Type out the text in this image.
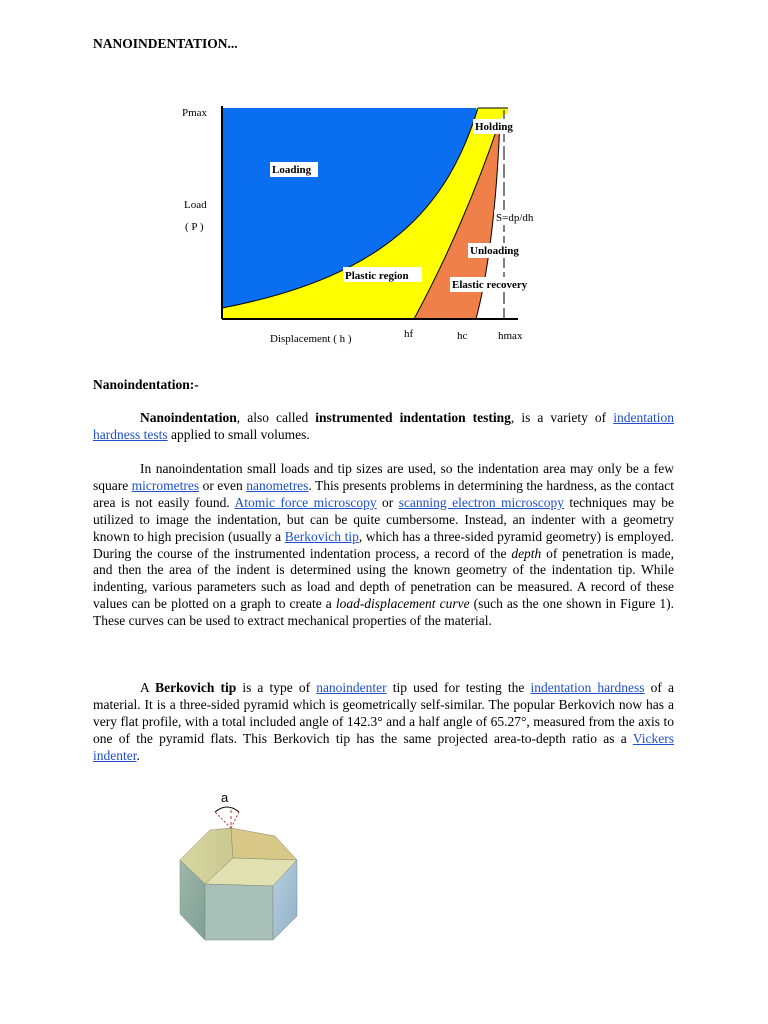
NANOINDENTATION...
Pmax
Load
( P )
Displacement ( h )	hf	hc	hmax
Loading
Holding
Plastic region
Unloading
Elastic recovery
S=dp/dh
Nanoindentation:-

Nanoindentation, also called instrumented indentation testing, is a variety of indentation hardness tests applied to small volumes.

In nanoindentation small loads and tip sizes are used, so the indentation area may only be a few square micrometres or even nanometres. This presents problems in determining the hardness, as the contact area is not easily found. Atomic force microscopy or scanning electron microscopy techniques may be utilized to image the indentation, but can be quite cumbersome. Instead, an indenter with a geometry known to high precision (usually a Berkovich tip, which has a three-sided pyramid geometry) is employed. During the course of the instrumented indentation process, a record of the depth of penetration is made, and then the area of the indent is determined using the known geometry of the indentation tip. While indenting, various parameters such as load and depth of penetration can be measured. A record of these values can be plotted on a graph to create a load-displacement curve (such as the one shown in Figure 1). These curves can be used to extract mechanical properties of the material.

A Berkovich tip is a type of nanoindenter tip used for testing the indentation hardness of a material. It is a three-sided pyramid which is geometrically self-similar. The popular Berkovich now has a very flat profile, with a total included angle of 142.3° and a half angle of 65.27°, measured from the axis to one of the pyramid flats. This Berkovich tip has the same projected area-to-depth ratio as a Vickers indenter.

a
